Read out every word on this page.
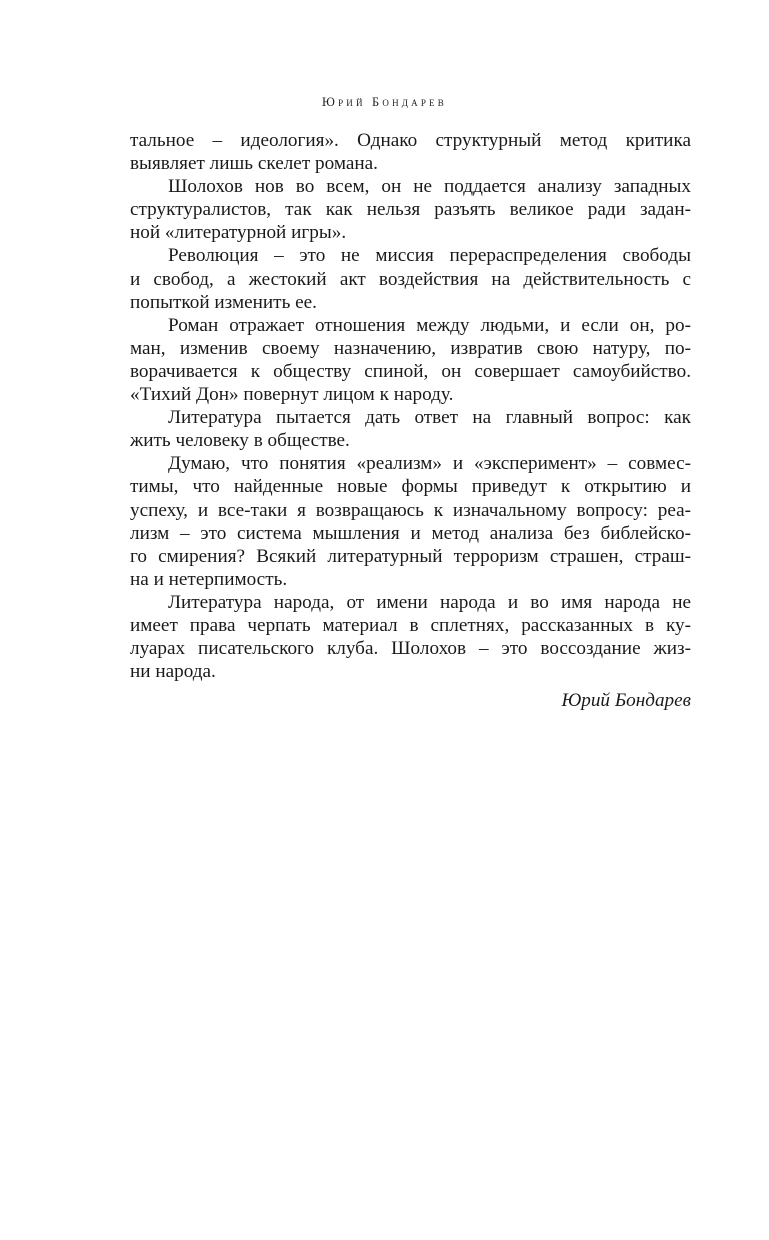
Юрий Бондарев
тальное – идеология». Однако структурный метод критика
выявляет лишь скелет романа.
Шолохов нов во всем, он не поддается анализу западных
структуралистов, так как нельзя разъять великое ради задан-
ной «литературной игры».
Революция – это не миссия перераспределения свободы
и свобод, а жестокий акт воздействия на действительность с
попыткой изменить ее.
Роман отражает отношения между людьми, и если он, ро-
ман, изменив своему назначению, извратив свою натуру, по-
ворачивается к обществу спиной, он совершает самоубийство.
«Тихий Дон» повернут лицом к народу.
Литература пытается дать ответ на главный вопрос: как
жить человеку в обществе.
Думаю, что понятия «реализм» и «эксперимент» – совмес-
тимы, что найденные новые формы приведут к открытию и
успеху, и все-таки я возвращаюсь к изначальному вопросу: реа-
лизм – это система мышления и метод анализа без библейско-
го смирения? Всякий литературный терроризм страшен, страш-
на и нетерпимость.
Литература народа, от имени народа и во имя народа не
имеет права черпать материал в сплетнях, рассказанных в ку-
луарах писательского клуба. Шолохов – это воссоздание жиз-
ни народа.
Юрий Бондарев
